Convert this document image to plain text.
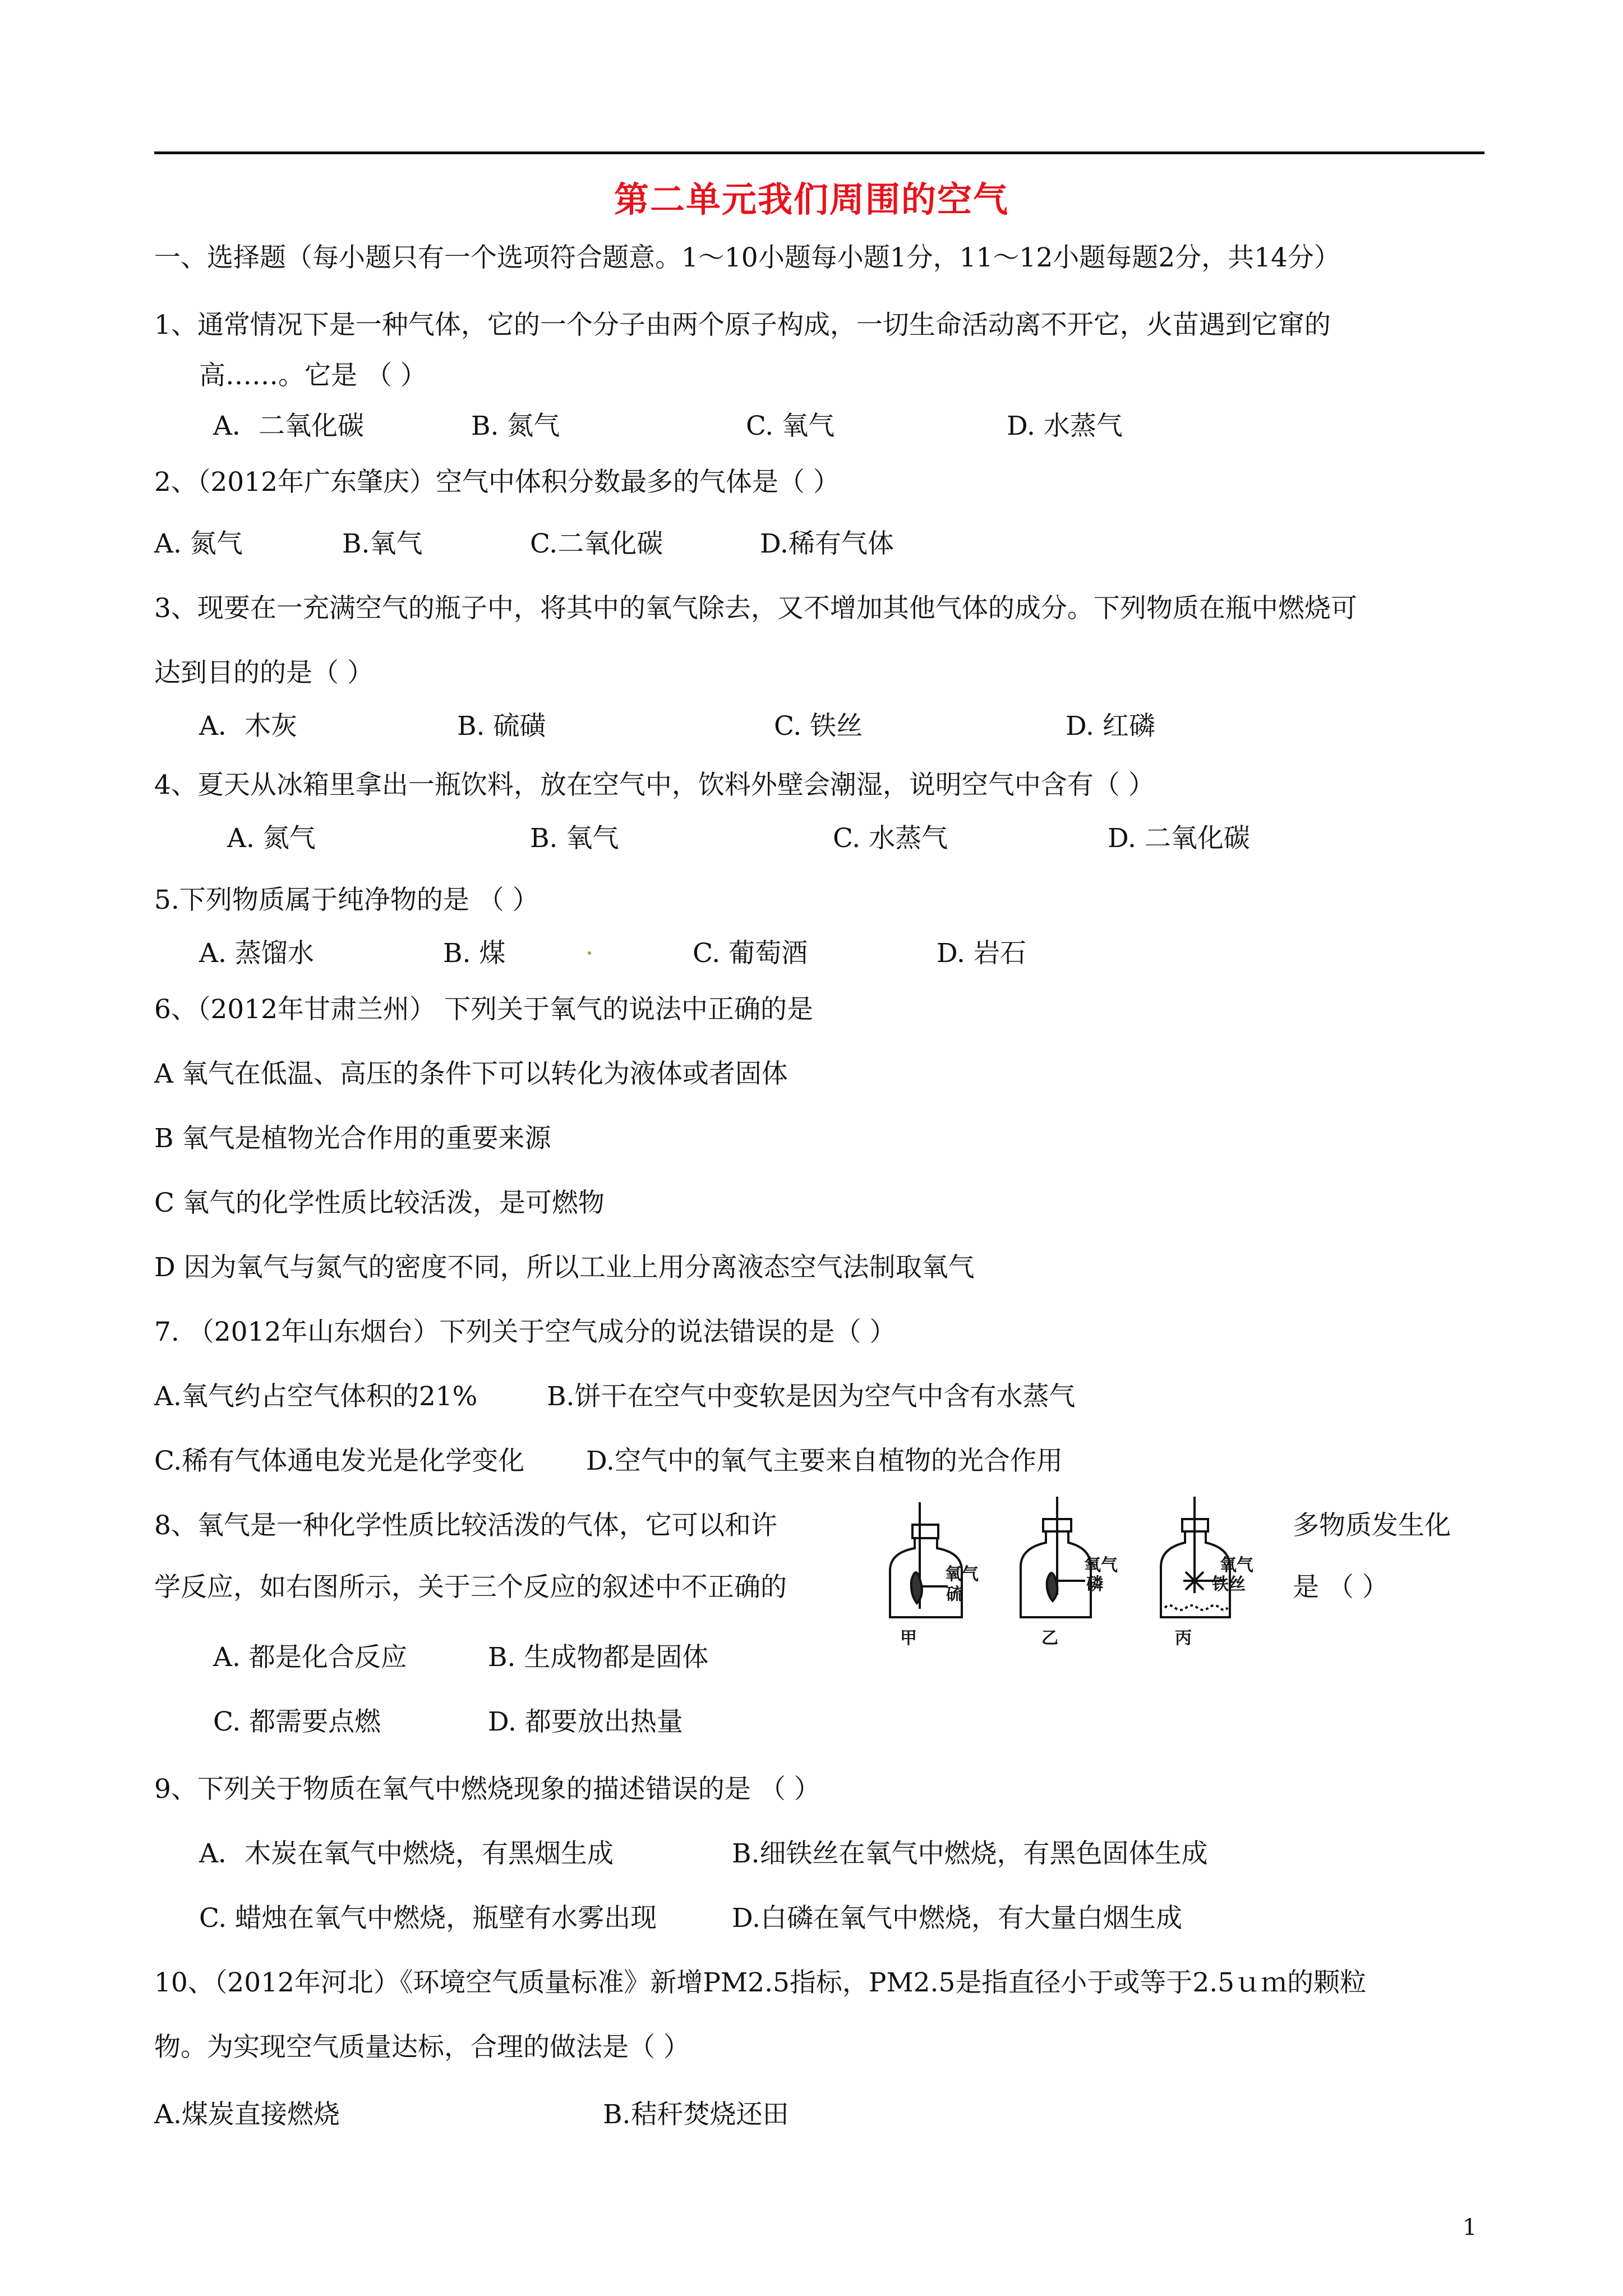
第二单元我们周围的空气
一、选择题（每小题只有一个选项符合题意。1～10小题每小题1分，11～12小题每题2分，共14分）
1、通常情况下是一种气体，它的一个分子由两个原子构成，一切生命活动离不开它，火苗遇到它窜的
高……。它是 （ ）
A．二氧化碳	B. 氮气	C. 氧气	D. 水蒸气
2、（2012年广东肇庆）空气中体积分数最多的气体是（ ）
A. 氮气	B.氧气	C.二氧化碳	D.稀有气体
3、现要在一充满空气的瓶子中，将其中的氧气除去，又不增加其他气体的成分。下列物质在瓶中燃烧可
达到目的的是（ ）
A．木灰	B. 硫磺	C. 铁丝	D. 红磷
4、夏天从冰箱里拿出一瓶饮料，放在空气中，饮料外壁会潮湿，说明空气中含有（ ）
A. 氮气	B. 氧气	C. 水蒸气	D. 二氧化碳
5.下列物质属于纯净物的是 （ ）
A. 蒸馏水	B. 煤	C. 葡萄酒	D. 岩石
6、（2012年甘肃兰州） 下列关于氧气的说法中正确的是
A 氧气在低温、高压的条件下可以转化为液体或者固体
B 氧气是植物光合作用的重要来源
C 氧气的化学性质比较活泼，是可燃物
D 因为氧气与氮气的密度不同，所以工业上用分离液态空气法制取氧气
7. （2012年山东烟台）下列关于空气成分的说法错误的是（ ）
A.氧气约占空气体积的21%	B.饼干在空气中变软是因为空气中含有水蒸气
C.稀有气体通电发光是化学变化 D.空气中的氧气主要来自植物的光合作用
8、氧气是一种化学性质比较活泼的气体，它可以和许	多物质发生化
学反应，如右图所示，关于三个反应的叙述中不正确的	是 （ ）
氧气
硫
甲
氧气
磷
乙
氧气
铁丝
丙
A. 都是化合反应	B. 生成物都是固体
C. 都需要点燃	D. 都要放出热量
9、下列关于物质在氧气中燃烧现象的描述错误的是 （ ）
A．木炭在氧气中燃烧，有黑烟生成	B.细铁丝在氧气中燃烧，有黑色固体生成
C. 蜡烛在氧气中燃烧，瓶壁有水雾出现	D.白磷在氧气中燃烧，有大量白烟生成
10、（2012年河北）《环境空气质量标准》新增PM2.5指标，PM2.5是指直径小于或等于2.5ｕｍ的颗粒
物。为实现空气质量达标，合理的做法是（ ）
A.煤炭直接燃烧	B.秸秆焚烧还田
1
